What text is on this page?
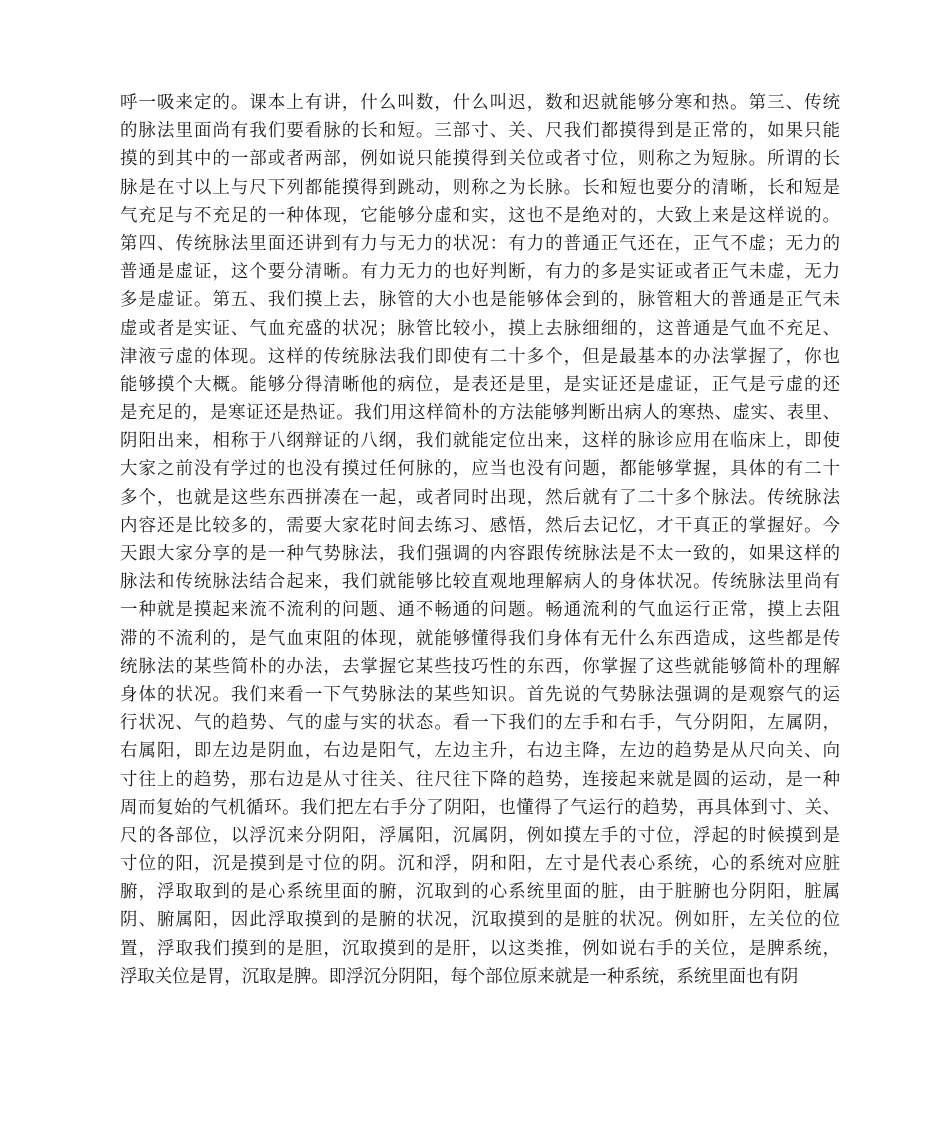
呼一吸来定的。课本上有讲，什么叫数，什么叫迟，数和迟就能够分寒和热。第三、传统
的脉法里面尚有我们要看脉的长和短。三部寸、关、尺我们都摸得到是正常的，如果只能
摸的到其中的一部或者两部，例如说只能摸得到关位或者寸位，则称之为短脉。所谓的长
脉是在寸以上与尺下列都能摸得到跳动，则称之为长脉。长和短也要分的清晰，长和短是
气充足与不充足的一种体现，它能够分虚和实，这也不是绝对的，大致上来是这样说的。
第四、传统脉法里面还讲到有力与无力的状况：有力的普通正气还在，正气不虚；无力的
普通是虚证，这个要分清晰。有力无力的也好判断，有力的多是实证或者正气未虚，无力
多是虚证。第五、我们摸上去，脉管的大小也是能够体会到的，脉管粗大的普通是正气未
虚或者是实证、气血充盛的状况；脉管比较小，摸上去脉细细的，这普通是气血不充足、
津液亏虚的体现。这样的传统脉法我们即使有二十多个，但是最基本的办法掌握了，你也
能够摸个大概。能够分得清晰他的病位，是表还是里，是实证还是虚证，正气是亏虚的还
是充足的，是寒证还是热证。我们用这样简朴的方法能够判断出病人的寒热、虚实、表里、
阴阳出来，相称于八纲辩证的八纲，我们就能定位出来，这样的脉诊应用在临床上，即使
大家之前没有学过的也没有摸过任何脉的，应当也没有问题，都能够掌握，具体的有二十
多个，也就是这些东西拼凑在一起，或者同时出现，然后就有了二十多个脉法。传统脉法
内容还是比较多的，需要大家花时间去练习、感悟，然后去记忆，才干真正的掌握好。今
天跟大家分享的是一种气势脉法，我们强调的内容跟传统脉法是不太一致的，如果这样的
脉法和传统脉法结合起来，我们就能够比较直观地理解病人的身体状况。传统脉法里尚有
一种就是摸起来流不流利的问题、通不畅通的问题。畅通流利的气血运行正常，摸上去阻
滞的不流利的，是气血束阻的体现，就能够懂得我们身体有无什么东西造成，这些都是传
统脉法的某些简朴的办法，去掌握它某些技巧性的东西，你掌握了这些就能够简朴的理解
身体的状况。我们来看一下气势脉法的某些知识。首先说的气势脉法强调的是观察气的运
行状况、气的趋势、气的虚与实的状态。看一下我们的左手和右手，气分阴阳，左属阴，
右属阳，即左边是阴血，右边是阳气，左边主升，右边主降，左边的趋势是从尺向关、向
寸往上的趋势，那右边是从寸往关、往尺往下降的趋势，连接起来就是圆的运动，是一种
周而复始的气机循环。我们把左右手分了阴阳，也懂得了气运行的趋势，再具体到寸、关、
尺的各部位，以浮沉来分阴阳，浮属阳，沉属阴，例如摸左手的寸位，浮起的时候摸到是
寸位的阳，沉是摸到是寸位的阴。沉和浮，阴和阳，左寸是代表心系统，心的系统对应脏
腑，浮取取到的是心系统里面的腑，沉取到的心系统里面的脏，由于脏腑也分阴阳，脏属
阴、腑属阳，因此浮取摸到的是腑的状况，沉取摸到的是脏的状况。例如肝，左关位的位
置，浮取我们摸到的是胆，沉取摸到的是肝，以这类推，例如说右手的关位，是脾系统，
浮取关位是胃，沉取是脾。即浮沉分阴阳，每个部位原来就是一种系统，系统里面也有阴
